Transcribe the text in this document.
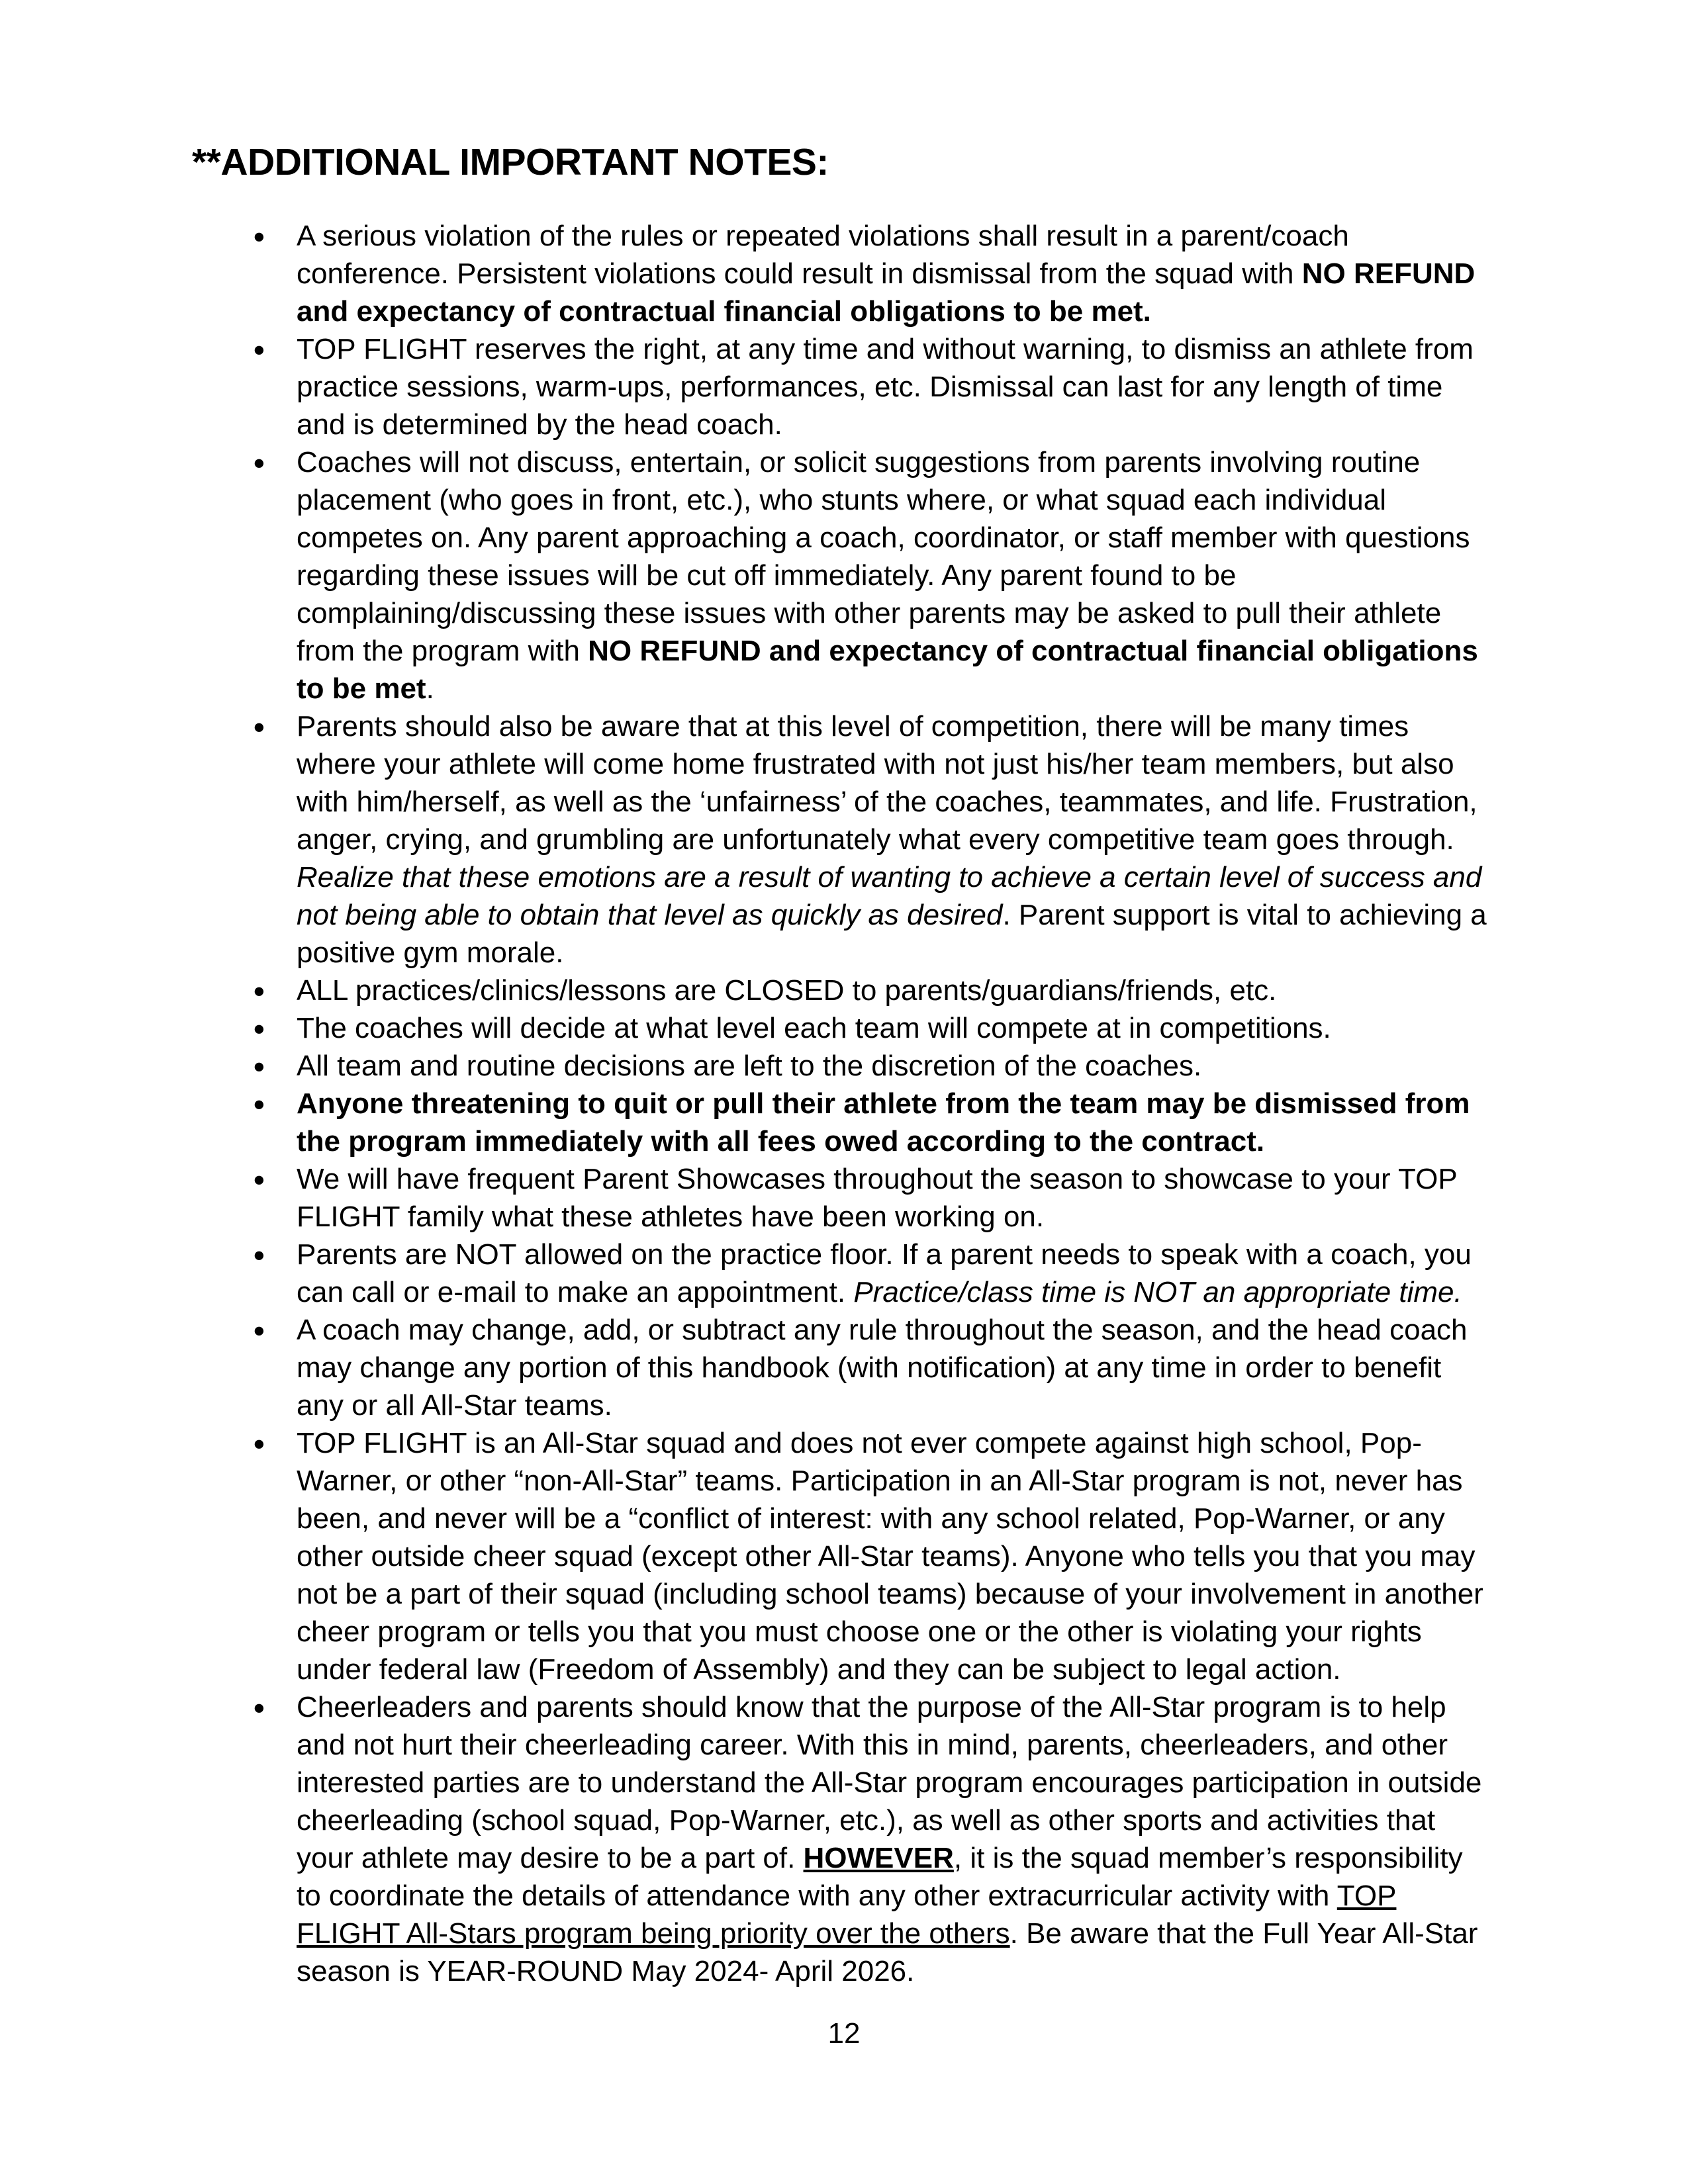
**ADDITIONAL IMPORTANT NOTES:
● A serious violation of the rules or repeated violations shall result in a parent/coach conference. Persistent violations could result in dismissal from the squad with NO REFUND and expectancy of contractual financial obligations to be met.
● TOP FLIGHT reserves the right, at any time and without warning, to dismiss an athlete from practice sessions, warm-ups, performances, etc. Dismissal can last for any length of time and is determined by the head coach.
● Coaches will not discuss, entertain, or solicit suggestions from parents involving routine placement (who goes in front, etc.), who stunts where, or what squad each individual competes on. Any parent approaching a coach, coordinator, or staff member with questions regarding these issues will be cut off immediately. Any parent found to be complaining/discussing these issues with other parents may be asked to pull their athlete from the program with NO REFUND and expectancy of contractual financial obligations to be met.
● Parents should also be aware that at this level of competition, there will be many times where your athlete will come home frustrated with not just his/her team members, but also with him/herself, as well as the ‘unfairness’ of the coaches, teammates, and life. Frustration, anger, crying, and grumbling are unfortunately what every competitive team goes through. Realize that these emotions are a result of wanting to achieve a certain level of success and not being able to obtain that level as quickly as desired. Parent support is vital to achieving a positive gym morale.
● ALL practices/clinics/lessons are CLOSED to parents/guardians/friends, etc.
● The coaches will decide at what level each team will compete at in competitions.
● All team and routine decisions are left to the discretion of the coaches.
● Anyone threatening to quit or pull their athlete from the team may be dismissed from the program immediately with all fees owed according to the contract.
● We will have frequent Parent Showcases throughout the season to showcase to your TOP FLIGHT family what these athletes have been working on.
● Parents are NOT allowed on the practice floor. If a parent needs to speak with a coach, you can call or e-mail to make an appointment. Practice/class time is NOT an appropriate time.
● A coach may change, add, or subtract any rule throughout the season, and the head coach may change any portion of this handbook (with notification) at any time in order to benefit any or all All-Star teams.
● TOP FLIGHT is an All-Star squad and does not ever compete against high school, Pop-Warner, or other “non-All-Star” teams. Participation in an All-Star program is not, never has been, and never will be a “conflict of interest: with any school related, Pop-Warner, or any other outside cheer squad (except other All-Star teams). Anyone who tells you that you may not be a part of their squad (including school teams) because of your involvement in another cheer program or tells you that you must choose one or the other is violating your rights under federal law (Freedom of Assembly) and they can be subject to legal action.
● Cheerleaders and parents should know that the purpose of the All-Star program is to help and not hurt their cheerleading career. With this in mind, parents, cheerleaders, and other interested parties are to understand the All-Star program encourages participation in outside cheerleading (school squad, Pop-Warner, etc.), as well as other sports and activities that your athlete may desire to be a part of. HOWEVER, it is the squad member’s responsibility to coordinate the details of attendance with any other extracurricular activity with TOP FLIGHT All-Stars program being priority over the others. Be aware that the Full Year All-Star season is YEAR-ROUND May 2024- April 2026.
12
